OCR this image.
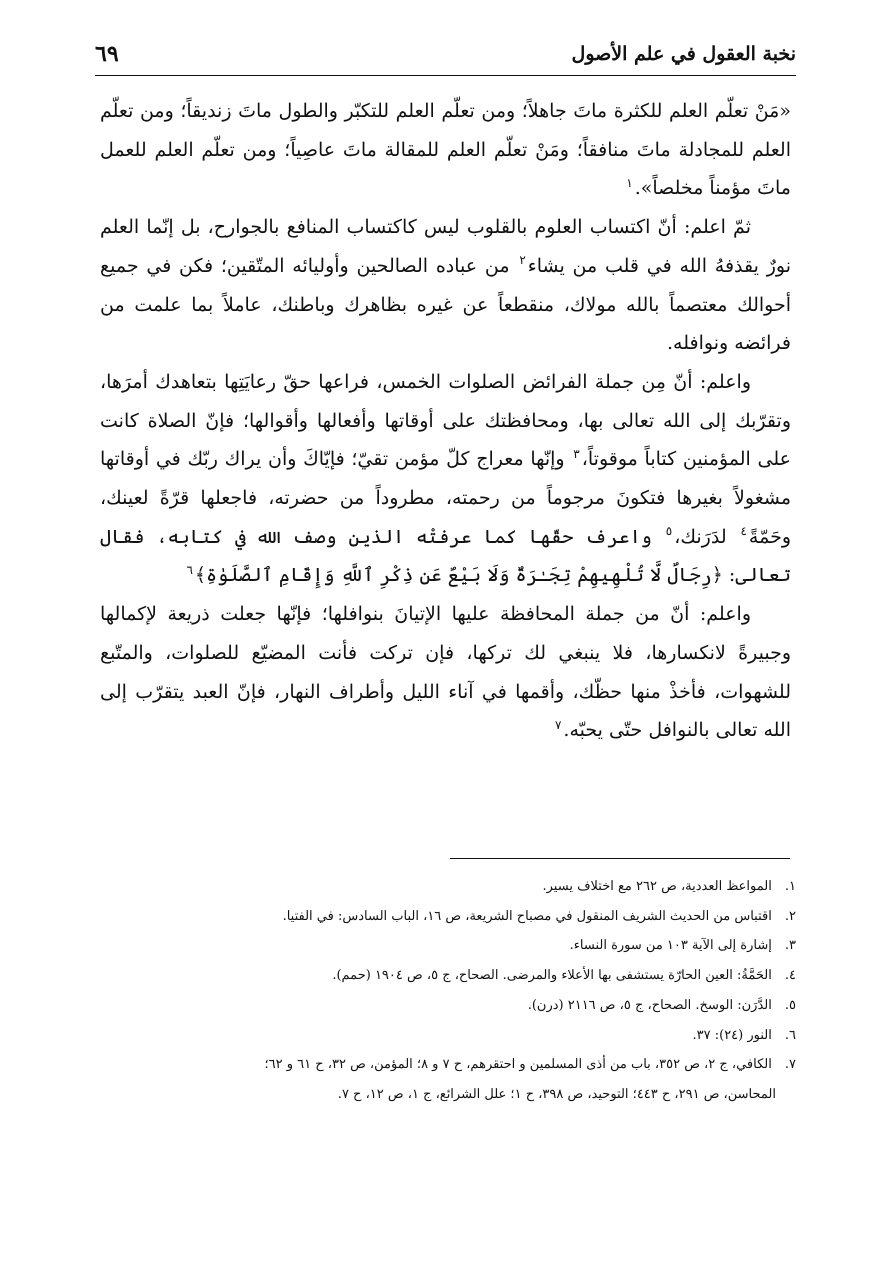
نخبة العقول في علم الأصول
٦٩

«مَنْ تعلّم العلم للكثرة ماتَ جاهلاً؛ ومن تعلّم العلم للتكبّر والطول ماتَ زنديقاً؛ ومن تعلّم العلم للمجادلة ماتَ منافقاً؛ ومَنْ تعلّم العلم للمقالة ماتَ عاصِياً؛ ومن تعلّم العلم للعمل ماتَ مؤمناً مخلصاً».$^١$

ثمّ اعلم: أنّ اكتساب العلوم بالقلوب ليس كاكتساب المنافع بالجوارح، بل إنّما العلم نورٌ يقذفهُ الله في قلب من يشاء$^٢$ من عباده الصالحين وأوليائه المتّقين؛ فكن في جميع أحوالك معتصماً بالله مولاك، منقطعاً عن غيره بظاهرك وباطنك، عاملاً بما علمت من فرائضه ونوافله.

واعلم: أنّ مِن جملة الفرائض الصلوات الخمس، فراعها حقّ رعايَتِها بتعاهدك أمرَها، وتقرّبك إلى الله تعالى بها، ومحافظتك على أوقاتها وأفعالها وأقوالها؛ فإنّ الصلاة كانت على المؤمنين كتاباً موقوتاً،$^٣$ وإنّها معراج كلّ مؤمن تقيّ؛ فإيّاكَ وأن يراك ربّك في أوقاتها مشغولاً بغيرها فتكونَ مرجوماً من رحمته، مطروداً من حضرته، فاجعلها قرّةً لعينك، وحَمّةً$^٤$ لدَرَنك،$^٥$ واعرف حقّها كما عرفتْه الذين وصف الله في كتابه، فقال تعالى: ﴿رِجَالٌ لَّا تُلْهِيهِمْ تِجَـٰرَةٌ وَلَا بَيْعٌ عَن ذِكْرِ ٱللَّهِ وَإِقَامِ ٱلصَّلَوٰةِ﴾$^٦$

واعلم: أنّ من جملة المحافظة عليها الإتيانَ بنوافلها؛ فإنّها جعلت ذريعة لإكمالها وجبيرةً لانكسارها، فلا ينبغي لك تركها، فإن تركت فأنت المضيّع للصلوات، والمتّبع للشهوات، فأخذْ منها حظّك، وأقمها في آناء الليل وأطراف النهار، فإنّ العبد يتقرّب إلى الله تعالى بالنوافل حتّى يحبّه.$^٧$

١. المواعظ العددية، ص ٢٦٢ مع اختلاف يسير.

٢. اقتباس من الحديث الشريف المنقول في مصباح الشريعة، ص ١٦، الباب السادس: في الفتيا.

٣. إشارة إلى الآية ١٠٣ من سورة النساء.

٤. الحَمَّةُ: العين الحارّة يستشفى بها الأعلاء والمرضى. الصحاح، ج ٥، ص ١٩٠٤ (حمم).

٥. الدَّرَن: الوسخ. الصحاح، ج ٥، ص ٢١١٦ (درن).

٦. النور (٢٤): ٣٧.

٧. الكافي، ج ٢، ص ٣٥٢، باب من أذى المسلمين و احتقرهم، ح ٧ و ٨؛ المؤمن، ص ٣٢، ح ٦١ و ٦٢؛

المحاسن، ص ٢٩١، ح ٤٤٣؛ التوحيد، ص ٣٩٨، ح ١؛ علل الشرائع، ج ١، ص ١٢، ح ٧.
